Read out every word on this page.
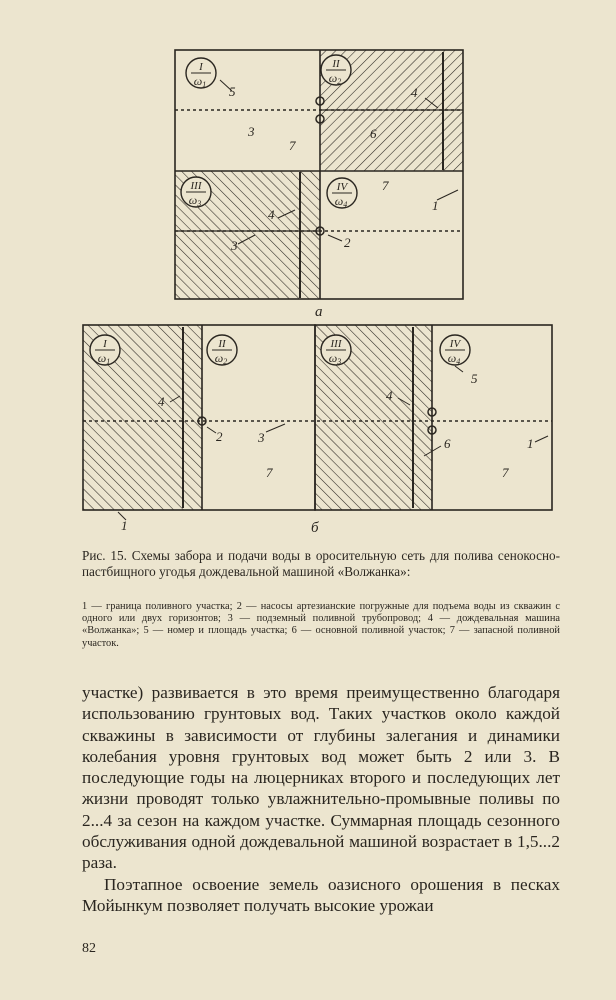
I
ω1
II
ω2
III
ω3
IV
ω4
5	4
3
7
6
7
1
4
3	2
а
I
ω1
II
ω2
III
ω3
IV
ω4
4
2	3
7
1
4
5
6	1
7
б
Рис. 15. Схемы забора и подачи воды в оросительную сеть для полива сенокосно-пастбищного угодья дождевальной машиной «Волжанка»:
1 — граница поливного участка; 2 — насосы артезианские погружные для подъема воды из скважин с одного или двух горизонтов; 3 — подземный поливной трубопровод; 4 — дождевальная машина «Волжанка»; 5 — номер и площадь участка; 6 — основной поливной участок; 7 — запасной поливной участок.

участке) развивается в это время преимущественно благодаря использованию грунтовых вод. Таких участков около каждой скважины в зависимости от глубины залегания и динамики колебания уровня грунтовых вод может быть 2 или 3. В последующие годы на люцерниках второго и последующих лет жизни проводят только увлажнительно-промывные поливы по 2...4 за сезон на каждом участке. Суммарная площадь сезонного обслуживания одной дождевальной машиной возрастает в 1,5...2 раза.

Поэтапное освоение земель оазисного орошения в песках Мойынкум позволяет получать высокие урожаи

82
